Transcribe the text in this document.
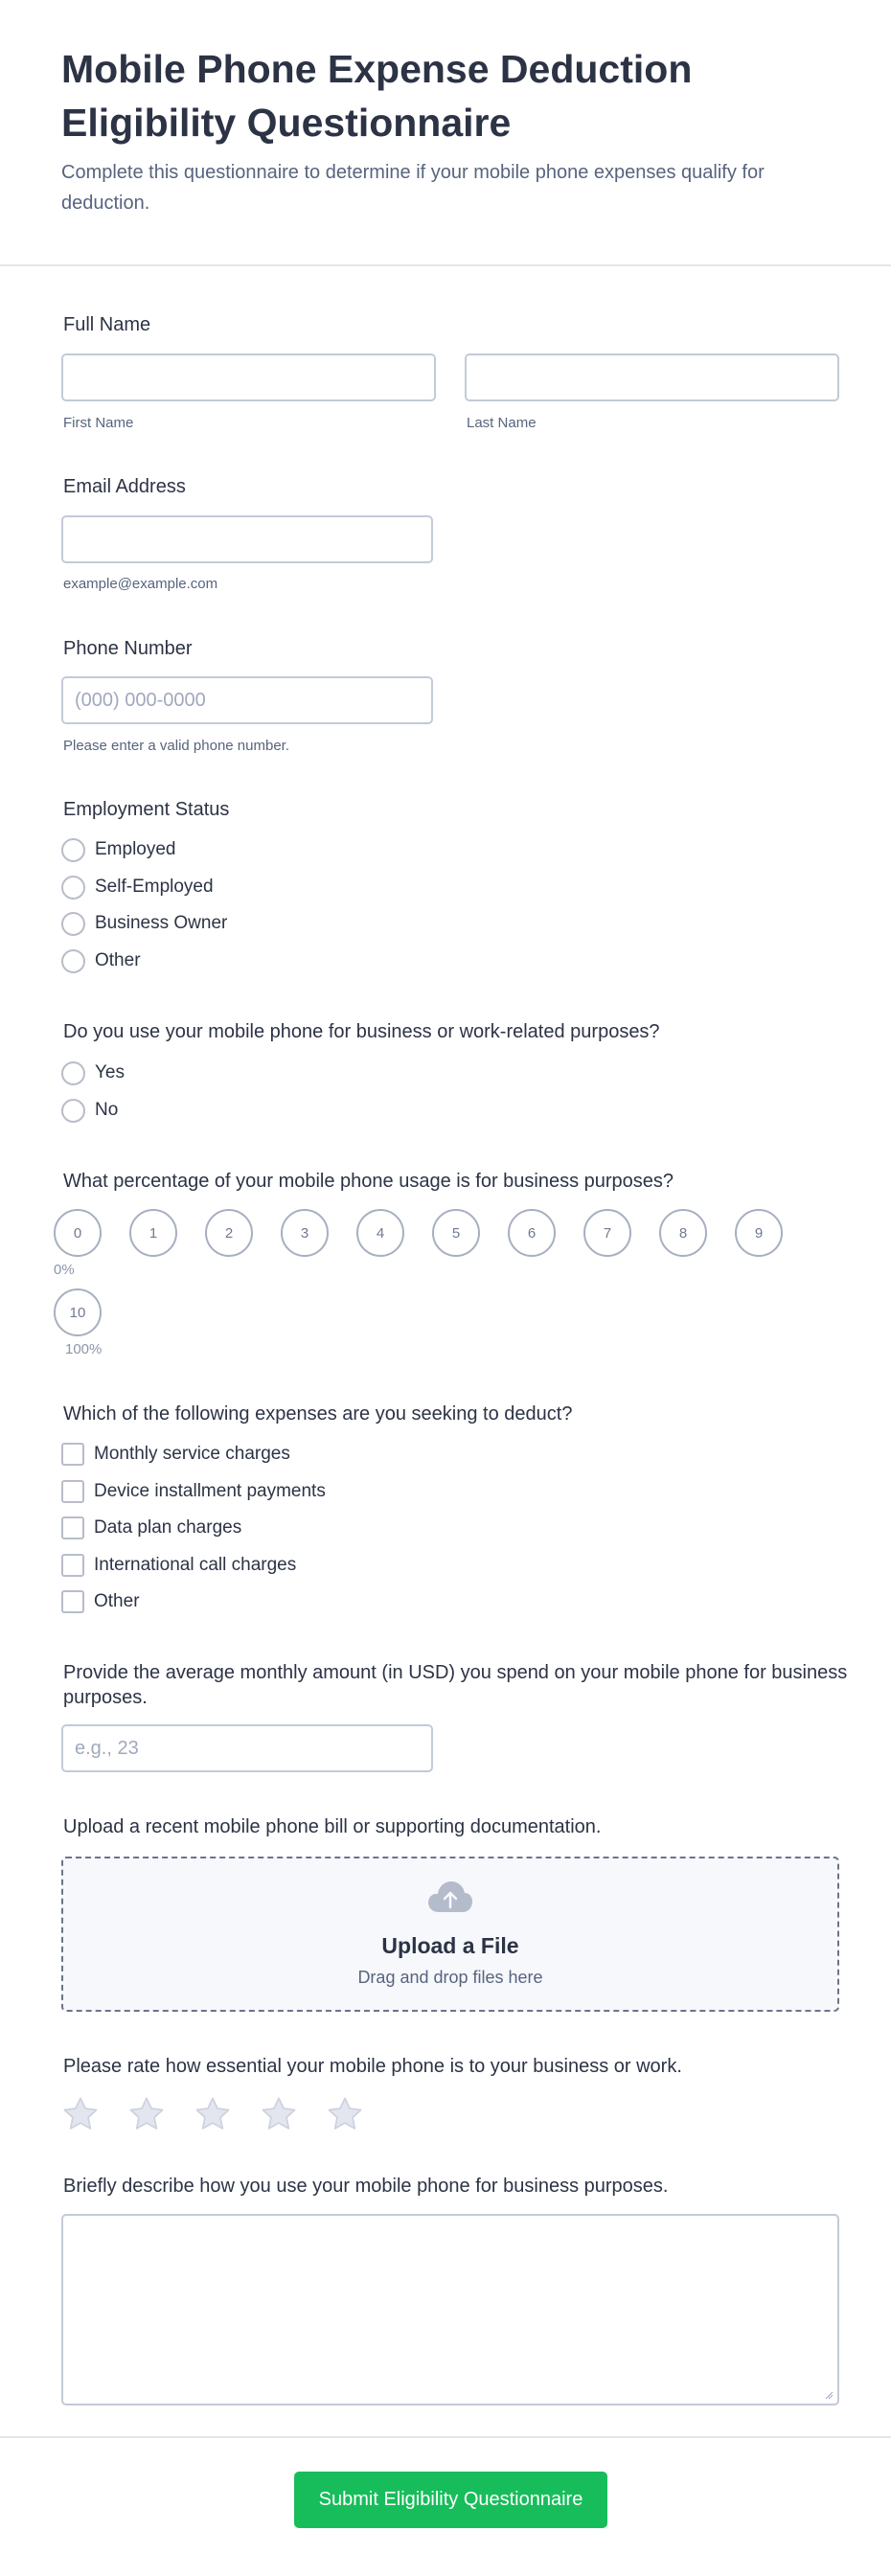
Mobile Phone Expense Deduction Eligibility Questionnaire

Complete this questionnaire to determine if your mobile phone expenses qualify for deduction.

Full Name
First Name	Last Name
Email Address
example@example.com
Phone Number
(000) 000-0000
Please enter a valid phone number.
Employment Status
Employed
Self-Employed
Business Owner
Other
Do you use your mobile phone for business or work-related purposes?
Yes
No
What percentage of your mobile phone usage is for business purposes?
0	1	2	3	4	5	6	7	8	9
0%
10
100%
Which of the following expenses are you seeking to deduct?
Monthly service charges
Device installment payments
Data plan charges
International call charges
Other
Provide the average monthly amount (in USD) you spend on your mobile phone for business purposes.
e.g., 23
Upload a recent mobile phone bill or supporting documentation.
Upload a File
Drag and drop files here
Please rate how essential your mobile phone is to your business or work.
Briefly describe how you use your mobile phone for business purposes.
Submit Eligibility Questionnaire
